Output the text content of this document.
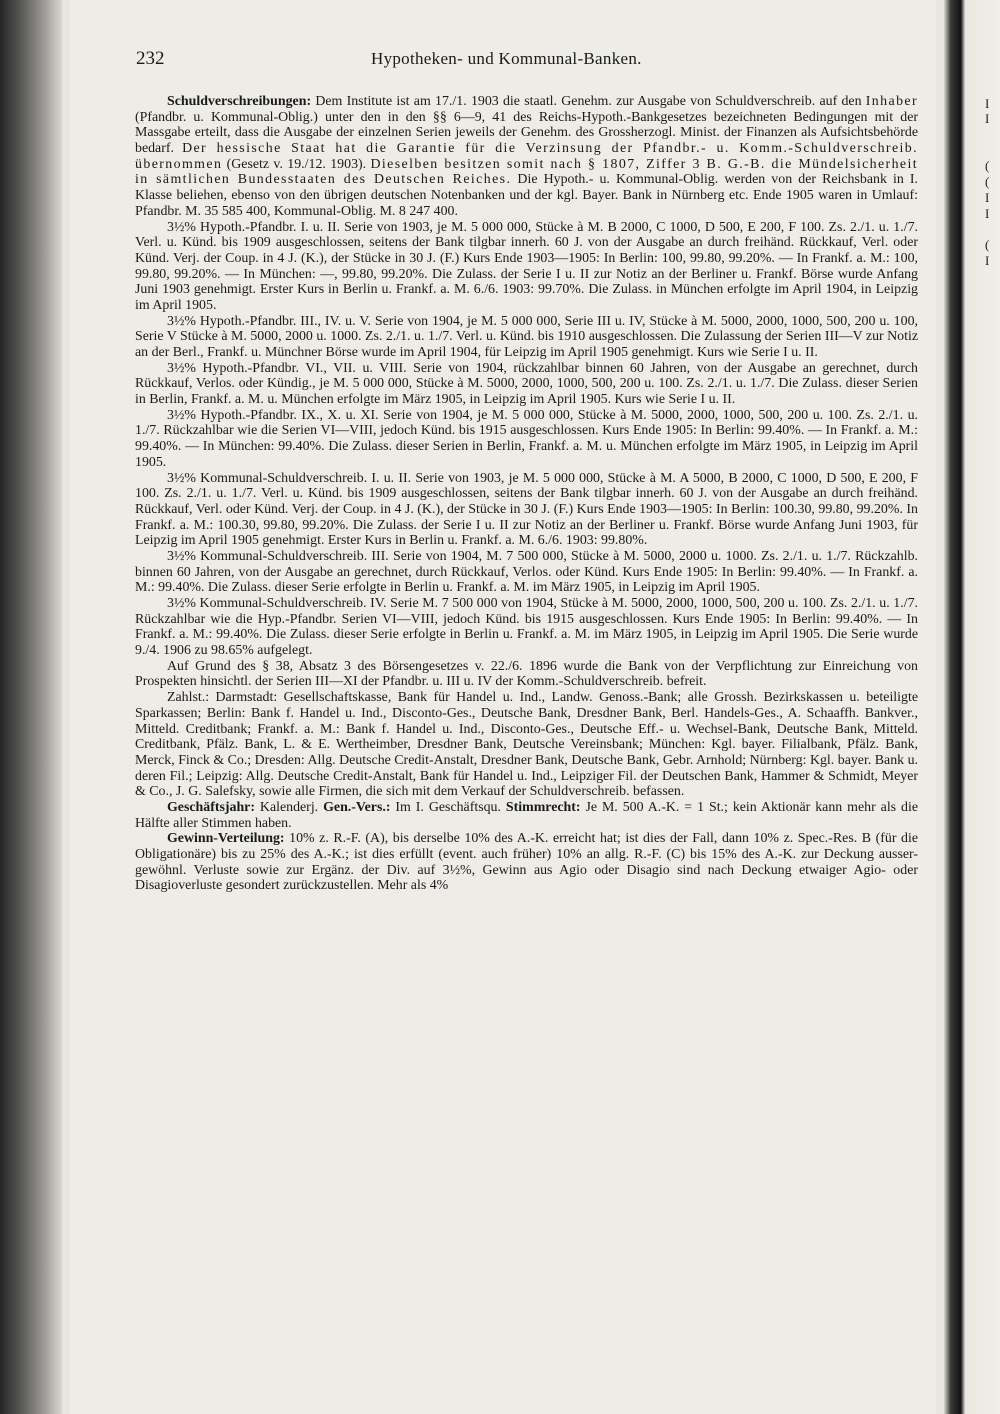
232	Hypotheken- und Kommunal-Banken.

Schuldverschreibungen: Dem Institute ist am 17./1. 1903 die staatl. Genehm. zur Ausgabe von Schuldverschreib. auf den Inhaber (Pfandbr. u. Kommunal-Oblig.) unter den in den §§ 6—9, 41 des Reichs-Hypoth.-Bankgesetzes bezeichneten Bedingungen mit der Massgabe erteilt, dass die Ausgabe der einzelnen Serien jeweils der Genehm. des Grossherzogl. Minist. der Finanzen als Aufsichtsbehörde bedarf. Der hessische Staat hat die Garantie für die Verzinsung der Pfandbr.- u. Komm.-Schuldverschreib. übernommen (Gesetz v. 19./12. 1903). Dieselben besitzen somit nach § 1807, Ziffer 3 B. G.-B. die Mündelsicherheit in sämtlichen Bundesstaaten des Deutschen Reiches. Die Hypoth.- u. Kommunal-Oblig. werden von der Reichsbank in I. Klasse beliehen, ebenso von den übrigen deutschen Notenbanken und der kgl. Bayer. Bank in Nürnberg etc. Ende 1905 waren in Umlauf: Pfandbr. M. 35 585 400, Kommunal-Oblig. M. 8 247 400.

3½% Hypoth.-Pfandbr. I. u. II. Serie von 1903, je M. 5 000 000, Stücke à M. B 2000, C 1000, D 500, E 200, F 100. Zs. 2./1. u. 1./7. Verl. u. Künd. bis 1909 ausgeschlossen, seitens der Bank tilgbar innerh. 60 J. von der Ausgabe an durch freihänd. Rückkauf, Verl. oder Künd. Verj. der Coup. in 4 J. (K.), der Stücke in 30 J. (F.) Kurs Ende 1903—1905: In Berlin: 100, 99.80, 99.20%. — In Frankf. a. M.: 100, 99.80, 99.20%. — In München: —, 99.80, 99.20%. Die Zulass. der Serie I u. II zur Notiz an der Berliner u. Frankf. Börse wurde Anfang Juni 1903 genehmigt. Erster Kurs in Berlin u. Frankf. a. M. 6./6. 1903: 99.70%. Die Zulass. in München erfolgte im April 1904, in Leipzig im April 1905.

3½% Hypoth.-Pfandbr. III., IV. u. V. Serie von 1904, je M. 5 000 000, Serie III u. IV, Stücke à M. 5000, 2000, 1000, 500, 200 u. 100, Serie V Stücke à M. 5000, 2000 u. 1000. Zs. 2./1. u. 1./7. Verl. u. Künd. bis 1910 ausgeschlossen. Die Zulassung der Serien III—V zur Notiz an der Berl., Frankf. u. Münchner Börse wurde im April 1904, für Leipzig im April 1905 genehmigt. Kurs wie Serie I u. II.

3½% Hypoth.-Pfandbr. VI., VII. u. VIII. Serie von 1904, rückzahlbar binnen 60 Jahren, von der Ausgabe an gerechnet, durch Rückkauf, Verlos. oder Kündig., je M. 5 000 000, Stücke à M. 5000, 2000, 1000, 500, 200 u. 100. Zs. 2./1. u. 1./7. Die Zulass. dieser Serien in Berlin, Frankf. a. M. u. München erfolgte im März 1905, in Leipzig im April 1905. Kurs wie Serie I u. II.

3½% Hypoth.-Pfandbr. IX., X. u. XI. Serie von 1904, je M. 5 000 000, Stücke à M. 5000, 2000, 1000, 500, 200 u. 100. Zs. 2./1. u. 1./7. Rückzahlbar wie die Serien VI—VIII, jedoch Künd. bis 1915 ausgeschlossen. Kurs Ende 1905: In Berlin: 99.40%. — In Frankf. a. M.: 99.40%. — In München: 99.40%. Die Zulass. dieser Serien in Berlin, Frankf. a. M. u. München erfolgte im März 1905, in Leipzig im April 1905.

3½% Kommunal-Schuldverschreib. I. u. II. Serie von 1903, je M. 5 000 000, Stücke à M. A 5000, B 2000, C 1000, D 500, E 200, F 100. Zs. 2./1. u. 1./7. Verl. u. Künd. bis 1909 ausgeschlossen, seitens der Bank tilgbar innerh. 60 J. von der Ausgabe an durch freihänd. Rückkauf, Verl. oder Künd. Verj. der Coup. in 4 J. (K.), der Stücke in 30 J. (F.) Kurs Ende 1903—1905: In Berlin: 100.30, 99.80, 99.20%. In Frankf. a. M.: 100.30, 99.80, 99.20%. Die Zulass. der Serie I u. II zur Notiz an der Berliner u. Frankf. Börse wurde Anfang Juni 1903, für Leipzig im April 1905 genehmigt. Erster Kurs in Berlin u. Frankf. a. M. 6./6. 1903: 99.80%.

3½% Kommunal-Schuldverschreib. III. Serie von 1904, M. 7 500 000, Stücke à M. 5000, 2000 u. 1000. Zs. 2./1. u. 1./7. Rückzahlb. binnen 60 Jahren, von der Ausgabe an gerechnet, durch Rückkauf, Verlos. oder Künd. Kurs Ende 1905: In Berlin: 99.40%. — In Frankf. a. M.: 99.40%. Die Zulass. dieser Serie erfolgte in Berlin u. Frankf. a. M. im März 1905, in Leipzig im April 1905.

3½% Kommunal-Schuldverschreib. IV. Serie M. 7 500 000 von 1904, Stücke à M. 5000, 2000, 1000, 500, 200 u. 100. Zs. 2./1. u. 1./7. Rückzahlbar wie die Hyp.-Pfandbr. Serien VI—VIII, jedoch Künd. bis 1915 ausgeschlossen. Kurs Ende 1905: In Berlin: 99.40%. — In Frankf. a. M.: 99.40%. Die Zulass. dieser Serie erfolgte in Berlin u. Frankf. a. M. im März 1905, in Leipzig im April 1905. Die Serie wurde 9./4. 1906 zu 98.65% aufgelegt.

Auf Grund des § 38, Absatz 3 des Börsengesetzes v. 22./6. 1896 wurde die Bank von der Verpflichtung zur Einreichung von Prospekten hinsichtl. der Serien III—XI der Pfandbr. u. III u. IV der Komm.-Schuldverschreib. befreit.

Zahlst.: Darmstadt: Gesellschaftskasse, Bank für Handel u. Ind., Landw. Genoss.-Bank; alle Grossh. Bezirkskassen u. beteiligte Sparkassen; Berlin: Bank f. Handel u. Ind., Disconto-Ges., Deutsche Bank, Dresdner Bank, Berl. Handels-Ges., A. Schaaffh. Bankver., Mitteld. Creditbank; Frankf. a. M.: Bank f. Handel u. Ind., Disconto-Ges., Deutsche Eff.- u. Wechsel-Bank, Deutsche Bank, Mitteld. Creditbank, Pfälz. Bank, L. & E. Wertheimber, Dresdner Bank, Deutsche Vereinsbank; München: Kgl. bayer. Filialbank, Pfälz. Bank, Merck, Finck & Co.; Dresden: Allg. Deutsche Credit-Anstalt, Dresdner Bank, Deutsche Bank, Gebr. Arnhold; Nürnberg: Kgl. bayer. Bank u. deren Fil.; Leipzig: Allg. Deutsche Credit-Anstalt, Bank für Handel u. Ind., Leipziger Fil. der Deutschen Bank, Hammer & Schmidt, Meyer & Co., J. G. Salefsky, sowie alle Firmen, die sich mit dem Verkauf der Schuldverschreib. befassen.

Geschäftsjahr: Kalenderj. Gen.-Vers.: Im I. Geschäftsqu. Stimmrecht: Je M. 500 A.-K. = 1 St.; kein Aktionär kann mehr als die Hälfte aller Stimmen haben.

Gewinn-Verteilung: 10% z. R.-F. (A), bis derselbe 10% des A.-K. erreicht hat; ist dies der Fall, dann 10% z. Spec.-Res. B (für die Obligationäre) bis zu 25% des A.-K.; ist dies erfüllt (event. auch früher) 10% an allg. R.-F. (C) bis 15% des A.-K. zur Deckung ausser-gewöhnl. Verluste sowie zur Ergänz. der Div. auf 3½%, Gewinn aus Agio oder Disagio sind nach Deckung etwaiger Agio- oder Disagioverluste gesondert zurückzustellen. Mehr als 4%

I
I
(
(
I
I
(
I
